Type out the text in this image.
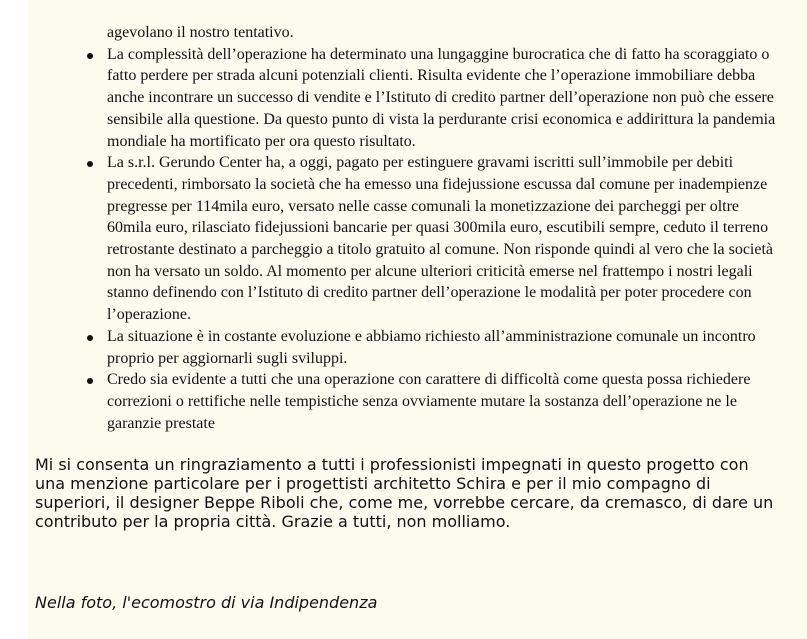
agevolano il nostro tentativo.

La complessità dell’operazione ha determinato una lungaggine burocratica che di fatto ha scoraggiato o fatto perdere per strada alcuni potenziali clienti. Risulta evidente che l’operazione immobiliare debba anche incontrare un successo di vendite e l’Istituto di credito partner dell’operazione non può che essere sensibile alla questione. Da questo punto di vista la perdurante crisi economica e addirittura la pandemia mondiale ha mortificato per ora questo risultato.
La s.r.l. Gerundo Center ha, a oggi, pagato per estinguere gravami iscritti sull’immobile per debiti precedenti, rimborsato la società che ha emesso una fidejussione escussa dal comune per inadempienze pregresse per 114mila euro, versato nelle casse comunali la monetizzazione dei parcheggi per oltre 60mila euro, rilasciato fidejussioni bancarie per quasi 300mila euro, escutibili sempre, ceduto il terreno retrostante destinato a parcheggio a titolo gratuito al comune. Non risponde quindi al vero che la società non ha versato un soldo. Al momento per alcune ulteriori criticità emerse nel frattempo i nostri legali stanno definendo con l’Istituto di credito partner dell’operazione le modalità per poter procedere con l’operazione.
La situazione è in costante evoluzione e abbiamo richiesto all’amministrazione comunale un incontro proprio per aggiornarli sugli sviluppi.
Credo sia evidente a tutti che una operazione con carattere di difficoltà come questa possa richiedere correzioni o rettifiche nelle tempistiche senza ovviamente mutare la sostanza dell’operazione ne le garanzie prestate

Mi si consenta un ringraziamento a tutti i professionisti impegnati in questo progetto con una menzione particolare per i progettisti architetto Schira e per il mio compagno di superiori, il designer Beppe Riboli che, come me, vorrebbe cercare, da cremasco, di dare un contributo per la propria città. Grazie a tutti, non molliamo.

Nella foto, l'ecomostro di via Indipendenza
